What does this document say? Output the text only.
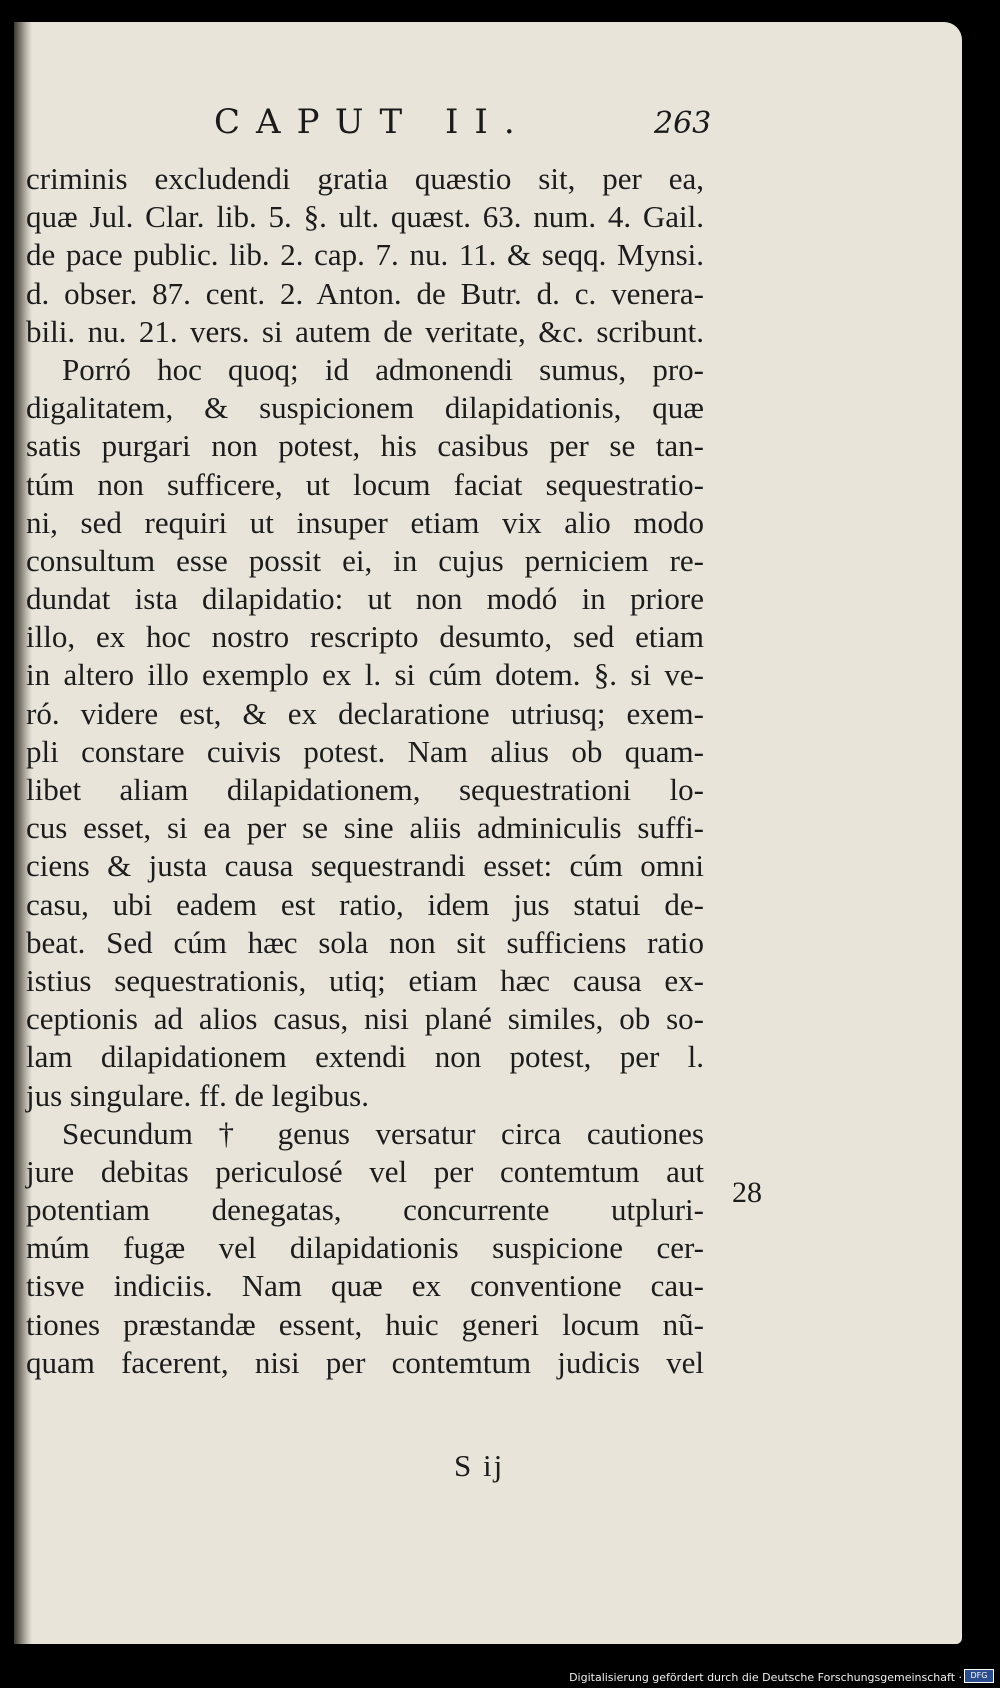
CAPUT II.	263
criminis excludendi gratia quæstio sit, per ea,
quæ Jul. Clar. lib. 5. §. ult. quæst. 63. num. 4. Gail.
de pace public. lib. 2. cap. 7. nu. 11. & seqq. Mynsi.
d. obser. 87. cent. 2. Anton. de Butr. d. c. venera-
bili. nu. 21. vers. si autem de veritate, &c. scribunt.
Porró hoc quoq; id admonendi sumus, pro-
digalitatem, & suspicionem dilapidationis, quæ
satis purgari non potest, his casibus per se tan-
túm non sufficere, ut locum faciat sequestratio-
ni, sed requiri ut insuper etiam vix alio modo
consultum esse possit ei, in cujus perniciem re-
dundat ista dilapidatio: ut non modó in priore
illo, ex hoc nostro rescripto desumto, sed etiam
in altero illo exemplo ex l. si cúm dotem. §. si ve-
ró. videre est, & ex declaratione utriusq; exem-
pli constare cuivis potest. Nam alius ob quam-
libet aliam dilapidationem, sequestrationi lo-
cus esset, si ea per se sine aliis adminiculis suffi-
ciens & justa causa sequestrandi esset: cúm omni
casu, ubi eadem est ratio, idem jus statui de-
beat. Sed cúm hæc sola non sit sufficiens ratio
istius sequestrationis, utiq; etiam hæc causa ex-
ceptionis ad alios casus, nisi plané similes, ob so-
lam dilapidationem extendi non potest, per l.
jus singulare. ff. de legibus.
Secundum † genus versatur circa cautiones
jure debitas periculosé vel per contemtum aut
potentiam denegatas, concurrente utpluri-
múm fugæ vel dilapidationis suspicione cer-
tisve indiciis. Nam quæ ex conventione cau-
tiones præstandæ essent, huic generi locum nũ-
quam facerent, nisi per contemtum judicis vel
28
S ij
Digitalisierung gefördert durch die Deutsche Forschungsgemeinschaft ·	DFG
